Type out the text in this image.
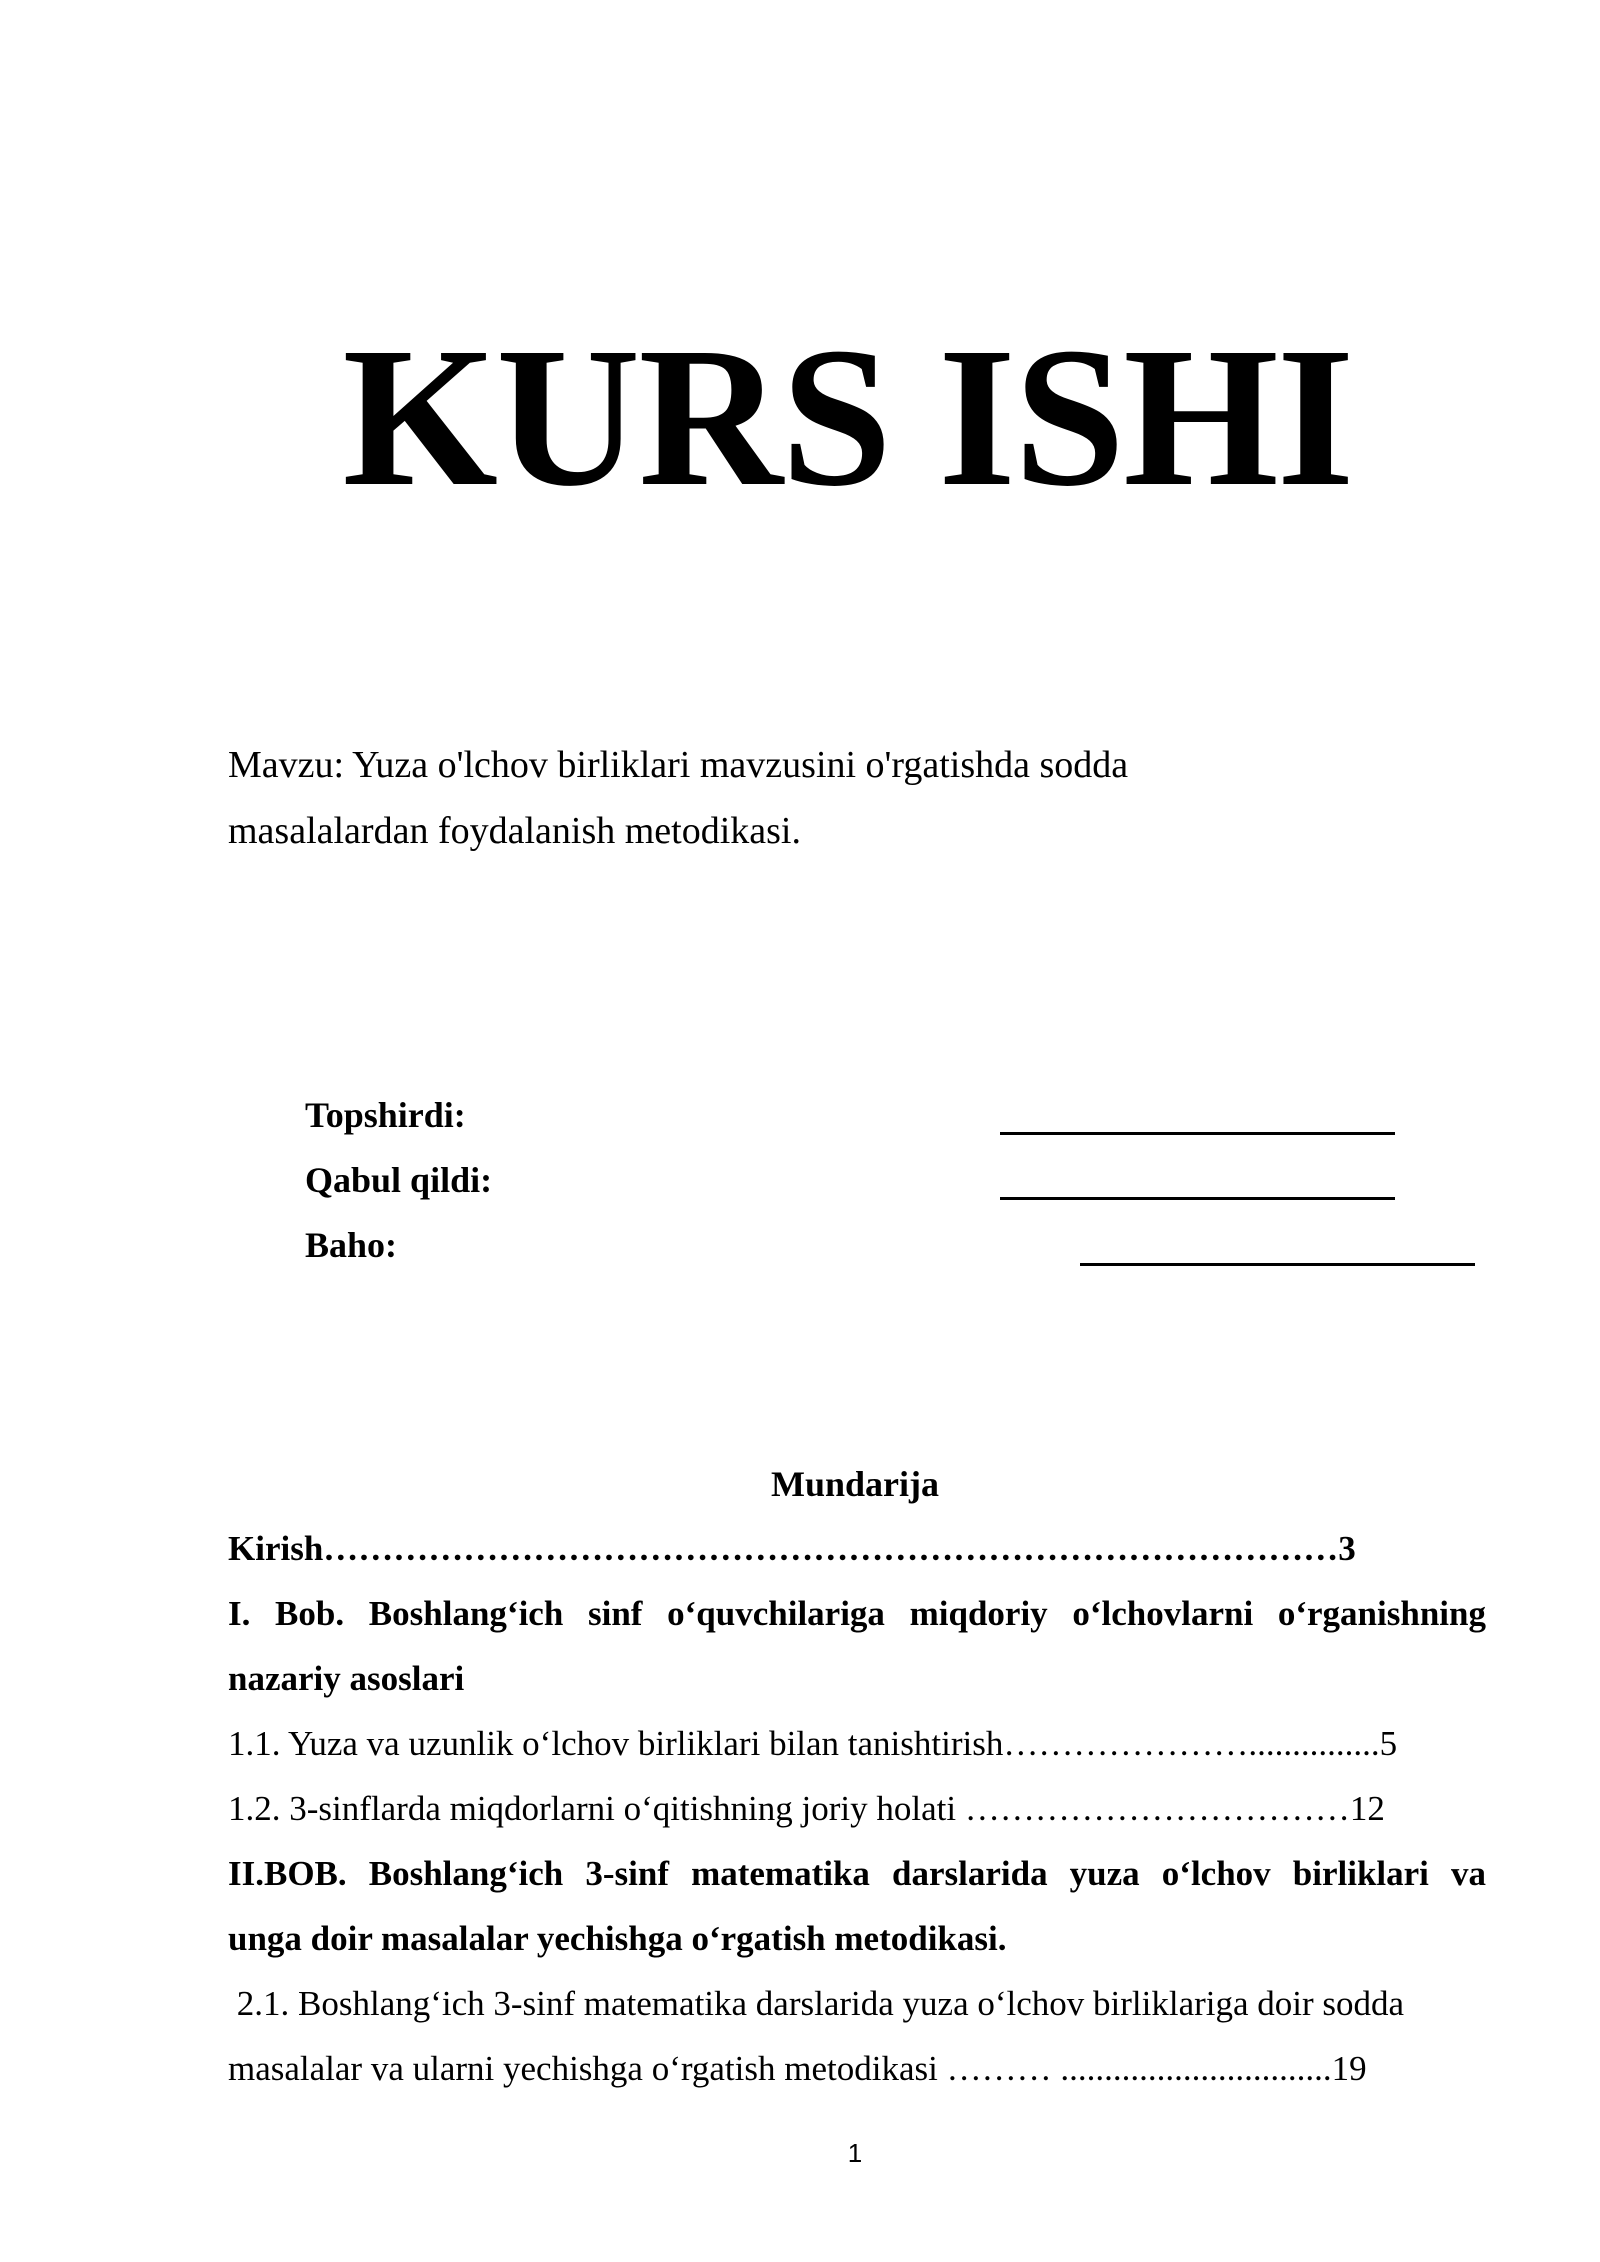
KURS ISHI
Mavzu: Yuza o'lchov birliklari mavzusini o'rgatishda sodda
masalalardan foydalanish metodikasi.
Topshirdi:
Qabul qildi:
Baho:
Mundarija
Kirish……………………………………………………………………………3
I. Bob. Boshlang‘ich sinf o‘quvchilariga miqdoriy o‘lchovlarni o‘rganishning
nazariy asoslari
1.1. Yuza va uzunlik o‘lchov birliklari bilan tanishtirish…………………...............5
1.2. 3-sinflarda miqdorlarni o‘qitishning joriy holati ……………………………12
II.BOB. Boshlang‘ich 3-sinf matematika darslarida yuza o‘lchov birliklari va
unga doir masalalar yechishga o‘rgatish metodikasi.
2.1. Boshlang‘ich 3-sinf matematika darslarida yuza o‘lchov birliklariga doir sodda
masalalar va ularni yechishga o‘rgatish metodikasi ……… ...............................19
1
